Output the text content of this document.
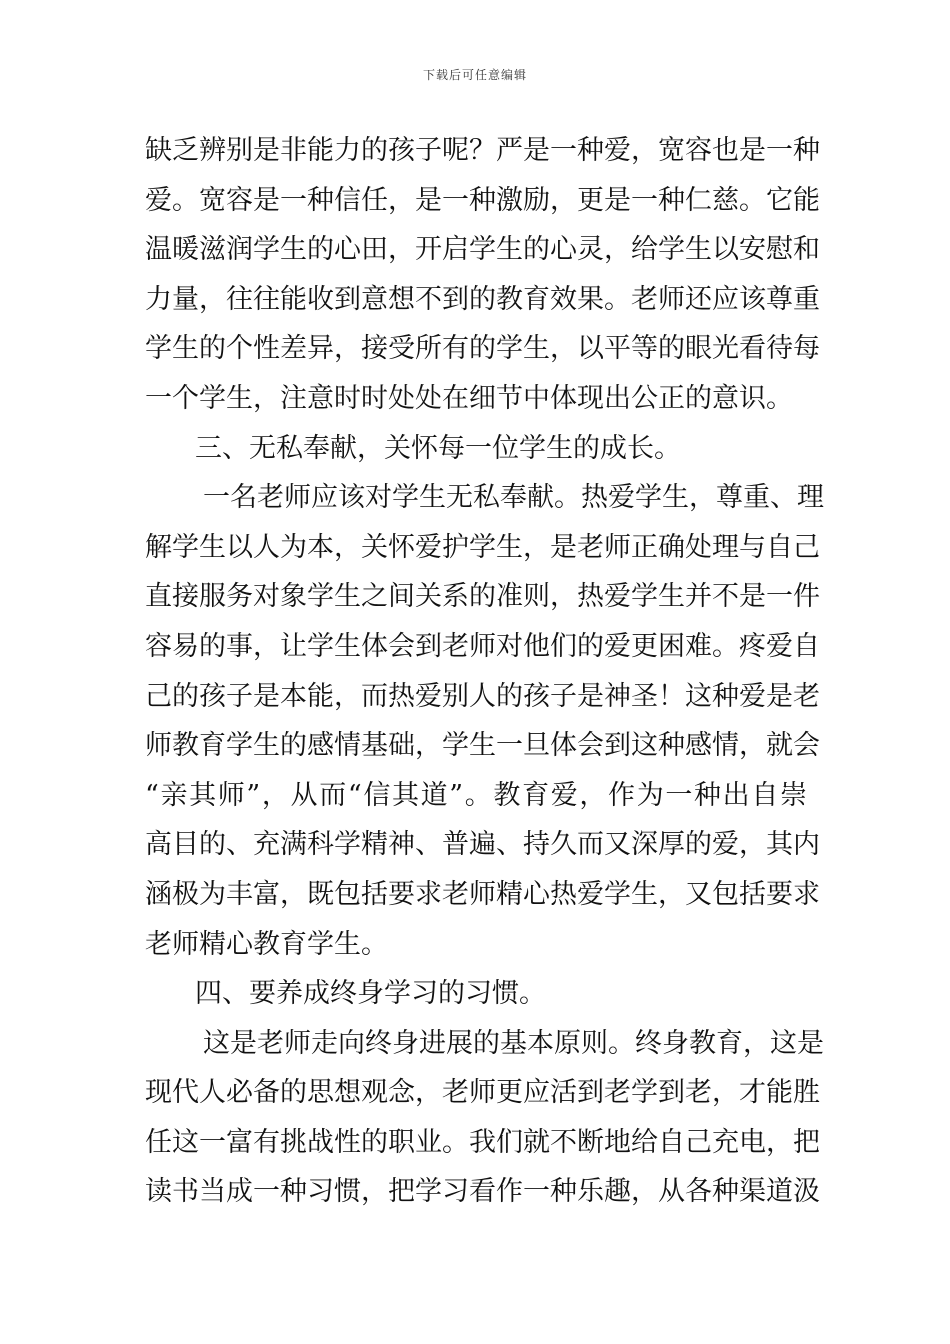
下载后可任意编辑
缺乏辨别是非能力的孩子呢？严是一种爱，宽容也是一种
爱。宽容是一种信任，是一种激励，更是一种仁慈。它能
温暖滋润学生的心田，开启学生的心灵，给学生以安慰和
力量，往往能收到意想不到的教育效果。老师还应该尊重
学生的个性差异，接受所有的学生，以平等的眼光看待每
一个学生，注意时时处处在细节中体现出公正的意识。
三、无私奉献，关怀每一位学生的成长。
一名老师应该对学生无私奉献。热爱学生，尊重、理
解学生以人为本，关怀爱护学生，是老师正确处理与自己
直接服务对象学生之间关系的准则，热爱学生并不是一件
容易的事，让学生体会到老师对他们的爱更困难。疼爱自
己的孩子是本能，而热爱别人的孩子是神圣！这种爱是老
师教育学生的感情基础，学生一旦体会到这种感情，就会
“亲其师”，从而“信其道”。教育爱，作为一种出自崇
高目的、充满科学精神、普遍、持久而又深厚的爱，其内
涵极为丰富，既包括要求老师精心热爱学生，又包括要求
老师精心教育学生。
四、要养成终身学习的习惯。
这是老师走向终身进展的基本原则。终身教育，这是
现代人必备的思想观念，老师更应活到老学到老，才能胜
任这一富有挑战性的职业。我们就不断地给自己充电，把
读书当成一种习惯，把学习看作一种乐趣，从各种渠道汲
